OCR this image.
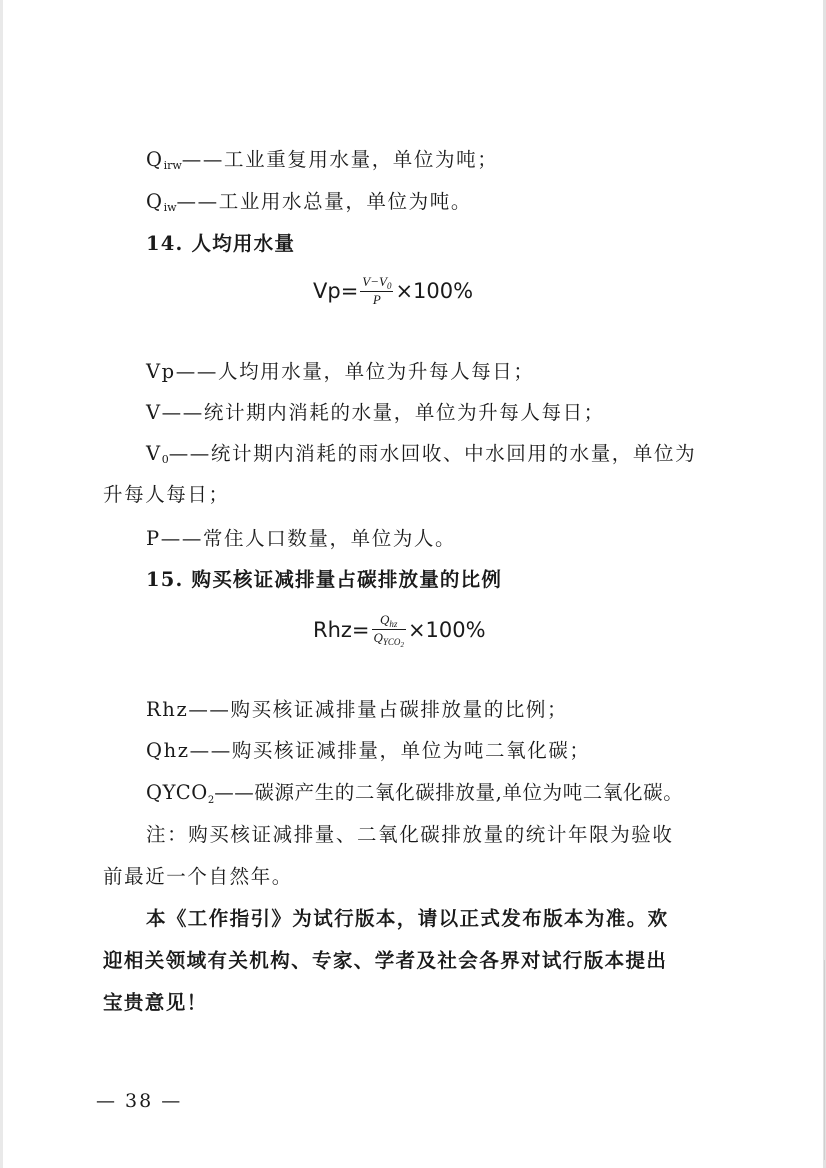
Qirw——工业重复用水量，单位为吨；
Qiw——工业用水总量，单位为吨。
14. 人均用水量
$Vp= \frac{V-V_0}{P} \times 100\%$
Vp——人均用水量，单位为升每人每日；
V——统计期内消耗的水量，单位为升每人每日；
V0——统计期内消耗的雨水回收、中水回用的水量，单位为
升每人每日；
P——常住人口数量，单位为人。
15. 购买核证减排量占碳排放量的比例
$Rhz= \frac{Q_{hz}}{Q_{YCO2}} \times 100\%$
Rhz——购买核证减排量占碳排放量的比例；
Qhz——购买核证减排量，单位为吨二氧化碳；
$QYCO_2——$碳源产生的二氧化碳排放量,单位为吨二氧化碳。
注：购买核证减排量、二氧化碳排放量的统计年限为验收
前最近一个自然年。
本《工作指引》为试行版本，请以正式发布版本为准。欢
迎相关领域有关机构、专家、学者及社会各界对试行版本提出
宝贵意见！
— 38 —
